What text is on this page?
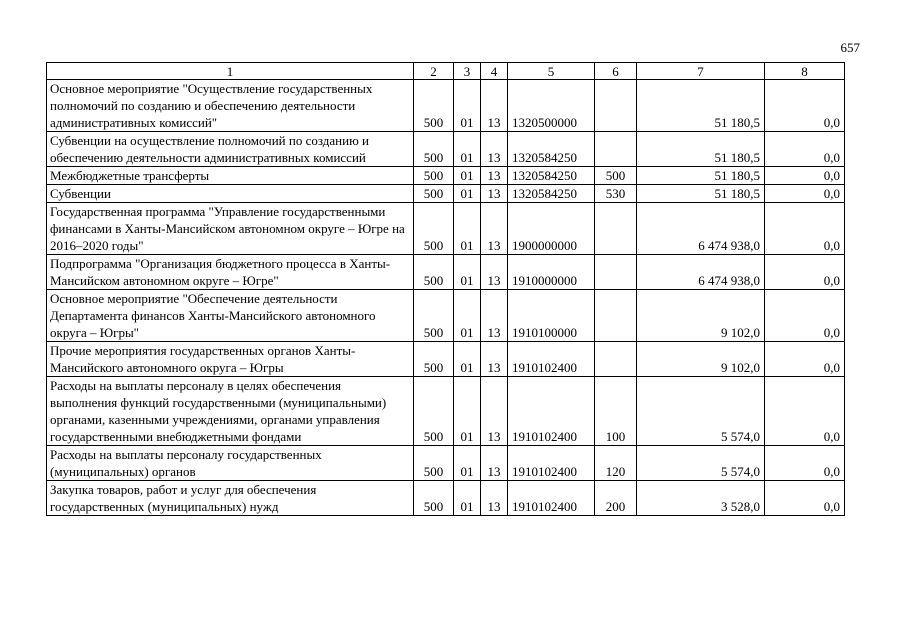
657
1	2	3	4	5	6	7	8
Основное мероприятие "Осуществление государственных полномочий по созданию и обеспечению деятельности административных комиссий"	500	01	13	1320500000		51 180,5	0,0
Субвенции на осуществление полномочий по созданию и обеспечению деятельности административных комиссий	500	01	13	1320584250		51 180,5	0,0
Межбюджетные трансферты	500	01	13	1320584250	500	51 180,5	0,0
Субвенции	500	01	13	1320584250	530	51 180,5	0,0
Государственная программа "Управление государственными финансами в Ханты-Мансийском автономном округе – Югре на 2016–2020 годы"	500	01	13	1900000000		6 474 938,0	0,0
Подпрограмма "Организация бюджетного процесса в Ханты-Мансийском автономном округе – Югре"	500	01	13	1910000000		6 474 938,0	0,0
Основное мероприятие "Обеспечение деятельности Департамента финансов Ханты-Мансийского автономного округа – Югры"	500	01	13	1910100000		9 102,0	0,0
Прочие мероприятия государственных органов Ханты-Мансийского автономного округа – Югры	500	01	13	1910102400		9 102,0	0,0
Расходы на выплаты персоналу в целях обеспечения выполнения функций государственными (муниципальными) органами, казенными учреждениями, органами управления государственными внебюджетными фондами	500	01	13	1910102400	100	5 574,0	0,0
Расходы на выплаты персоналу государственных (муниципальных) органов	500	01	13	1910102400	120	5 574,0	0,0
Закупка товаров, работ и услуг для обеспечения государственных (муниципальных) нужд	500	01	13	1910102400	200	3 528,0	0,0
